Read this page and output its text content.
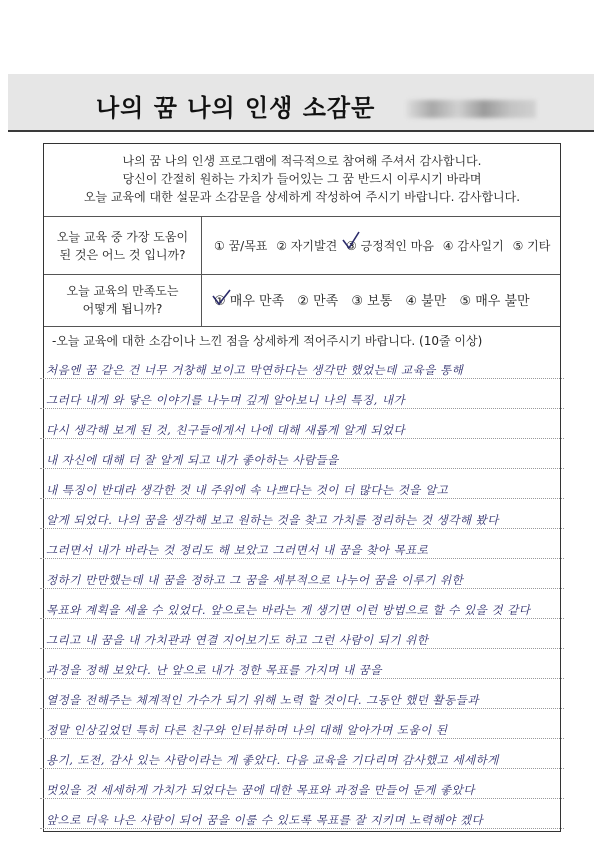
나의 꿈 나의 인생 소감문
나의 꿈 나의 인생 프로그램에 적극적으로 참여해 주셔서 감사합니다.
당신이 간절히 원하는 가치가 들어있는 그 꿈 반드시 이루시기 바라며
오늘 교육에 대한 설문과 소감문을 상세하게 작성하여 주시기 바랍니다. 감사합니다.
오늘 교육 중 가장 도움이
된 것은 어느 것 입니까?
① 꿈/목표 ② 자기발견 ③ 긍정적인 마음 ④ 감사일기 ⑤ 기타
오늘 교육의 만족도는
어떻게 됩니까?	① 매우 만족 ② 만족 ③ 보통 ④ 불만 ⑤ 매우 불만
-오늘 교육에 대한 소감이나 느낀 점을 상세하게 적어주시기 바랍니다. (10줄 이상)
처음엔 꿈 같은 건 너무 거창해 보이고 막연하다는 생각만 했었는데 교육을 통해
그러다 내게 와 닿은 이야기를 나누며 깊게 알아보니 나의 특징, 내가
다시 생각해 보게 된 것, 친구들에게서 나에 대해 새롭게 알게 되었다
내 자신에 대해 더 잘 알게 되고 내가 좋아하는 사람들을
내 특징이 반대라 생각한 것 내 주위에 속 나쁘다는 것이 더 많다는 것을 알고
알게 되었다. 나의 꿈을 생각해 보고 원하는 것을 찾고 가치를 정리하는 것 생각해 봤다
그러면서 내가 바라는 것 정리도 해 보았고 그러면서 내 꿈을 찾아 목표로
정하기 만만했는데 내 꿈을 정하고 그 꿈을 세부적으로 나누어 꿈을 이루기 위한
목표와 계획을 세울 수 있었다. 앞으로는 바라는 게 생기면 이런 방법으로 할 수 있을 것 같다
그리고 내 꿈을 내 가치관과 연결 지어보기도 하고 그런 사람이 되기 위한
과정을 정해 보았다. 난 앞으로 내가 정한 목표를 가지며 내 꿈을
열정을 전해주는 체계적인 가수가 되기 위해 노력 할 것이다. 그동안 했던 활동들과
정말 인상깊었던 특히 다른 친구와 인터뷰하며 나의 대해 알아가며 도움이 된
용기, 도전, 감사 있는 사람이라는 게 좋았다. 다음 교육을 기다리며 감사했고 세세하게
멋있을 것 세세하게 가치가 되었다는 꿈에 대한 목표와 과정을 만들어 둔게 좋았다
앞으로 더욱 나은 사람이 되어 꿈을 이룰 수 있도록 목표를 잘 지키며 노력해야 겠다
